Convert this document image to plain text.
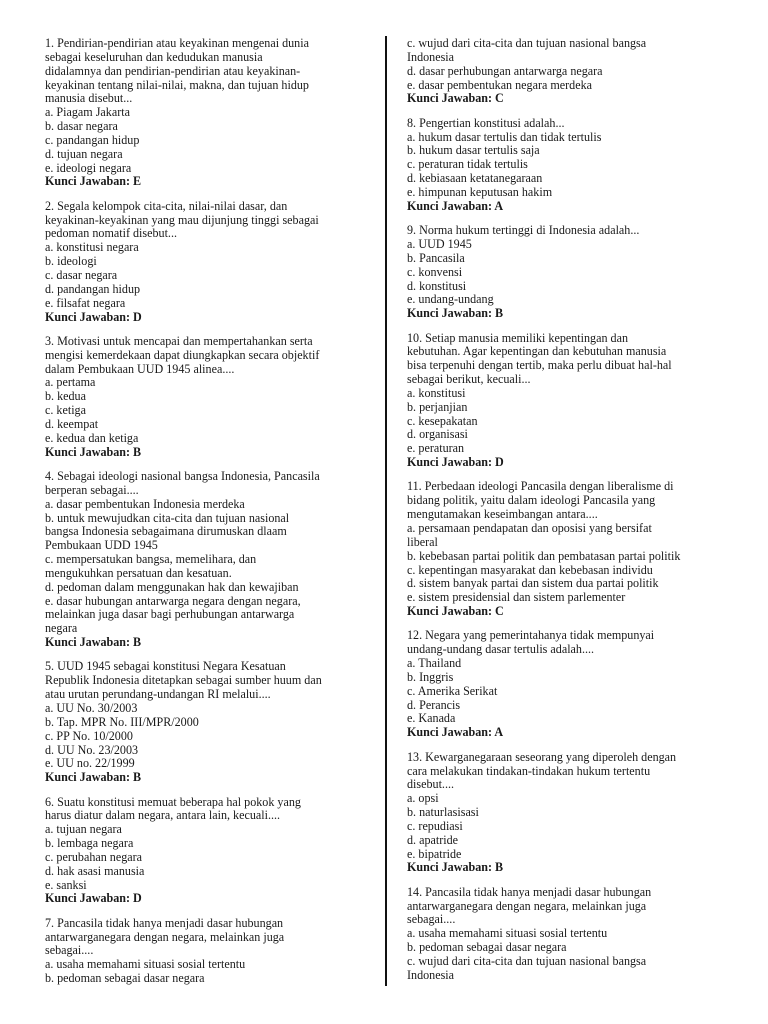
1. Pendirian-pendirian atau keyakinan mengenai dunia
sebagai keseluruhan dan kedudukan manusia
didalamnya dan pendirian-pendirian atau keyakinan-
keyakinan tentang nilai-nilai, makna, dan tujuan hidup
manusia disebut...
a. Piagam Jakarta
b. dasar negara
c. pandangan hidup
d. tujuan negara
e. ideologi negara
Kunci Jawaban: E
2. Segala kelompok cita-cita, nilai-nilai dasar, dan
keyakinan-keyakinan yang mau dijunjung tinggi sebagai
pedoman nomatif disebut...
a. konstitusi negara
b. ideologi
c. dasar negara
d. pandangan hidup
e. filsafat negara
Kunci Jawaban: D
3. Motivasi untuk mencapai dan mempertahankan serta
mengisi kemerdekaan dapat diungkapkan secara objektif
dalam Pembukaan UUD 1945 alinea....
a. pertama
b. kedua
c. ketiga
d. keempat
e. kedua dan ketiga
Kunci Jawaban: B
4. Sebagai ideologi nasional bangsa Indonesia, Pancasila
berperan sebagai....
a. dasar pembentukan Indonesia merdeka
b. untuk mewujudkan cita-cita dan tujuan nasional
bangsa Indonesia sebagaimana dirumuskan dlaam
Pembukaan UDD 1945
c. mempersatukan bangsa, memelihara, dan
mengukuhkan persatuan dan kesatuan.
d. pedoman dalam menggunakan hak dan kewajiban
e. dasar hubungan antarwarga negara dengan negara,
melainkan juga dasar bagi perhubungan antarwarga
negara
Kunci Jawaban: B
5. UUD 1945 sebagai konstitusi Negara Kesatuan
Republik Indonesia ditetapkan sebagai sumber huum dan
atau urutan perundang-undangan RI melalui....
a. UU No. 30/2003
b. Tap. MPR No. III/MPR/2000
c. PP No. 10/2000
d. UU No. 23/2003
e. UU no. 22/1999
Kunci Jawaban: B
6. Suatu konstitusi memuat beberapa hal pokok yang
harus diatur dalam negara, antara lain, kecuali....
a. tujuan negara
b. lembaga negara
c. perubahan negara
d. hak asasi manusia
e. sanksi
Kunci Jawaban: D
7. Pancasila tidak hanya menjadi dasar hubungan
antarwarganegara dengan negara, melainkan juga
sebagai....
a. usaha memahami situasi sosial tertentu
b. pedoman sebagai dasar negara
c. wujud dari cita-cita dan tujuan nasional bangsa
Indonesia
d. dasar perhubungan antarwarga negara
e. dasar pembentukan negara merdeka
Kunci Jawaban: C
8. Pengertian konstitusi adalah...
a. hukum dasar tertulis dan tidak tertulis
b. hukum dasar tertulis saja
c. peraturan tidak tertulis
d. kebiasaan ketatanegaraan
e. himpunan keputusan hakim
Kunci Jawaban: A
9. Norma hukum tertinggi di Indonesia adalah...
a. UUD 1945
b. Pancasila
c. konvensi
d. konstitusi
e. undang-undang
Kunci Jawaban: B
10. Setiap manusia memiliki kepentingan dan
kebutuhan. Agar kepentingan dan kebutuhan manusia
bisa terpenuhi dengan tertib, maka perlu dibuat hal-hal
sebagai berikut, kecuali...
a. konstitusi
b. perjanjian
c. kesepakatan
d. organisasi
e. peraturan
Kunci Jawaban: D
11. Perbedaan ideologi Pancasila dengan liberalisme di
bidang politik, yaitu dalam ideologi Pancasila yang
mengutamakan keseimbangan antara....
a. persamaan pendapatan dan oposisi yang bersifat
liberal
b. kebebasan partai politik dan pembatasan partai politik
c. kepentingan masyarakat dan kebebasan individu
d. sistem banyak partai dan sistem dua partai politik
e. sistem presidensial dan sistem parlementer
Kunci Jawaban: C
12. Negara yang pemerintahanya tidak mempunyai
undang-undang dasar tertulis adalah....
a. Thailand
b. Inggris
c. Amerika Serikat
d. Perancis
e. Kanada
Kunci Jawaban: A
13. Kewarganegaraan seseorang yang diperoleh dengan
cara melakukan tindakan-tindakan hukum tertentu
disebut....
a. opsi
b. naturlasisasi
c. repudiasi
d. apatride
e. bipatride
Kunci Jawaban: B
14. Pancasila tidak hanya menjadi dasar hubungan
antarwarganegara dengan negara, melainkan juga
sebagai....
a. usaha memahami situasi sosial tertentu
b. pedoman sebagai dasar negara
c. wujud dari cita-cita dan tujuan nasional bangsa
Indonesia
